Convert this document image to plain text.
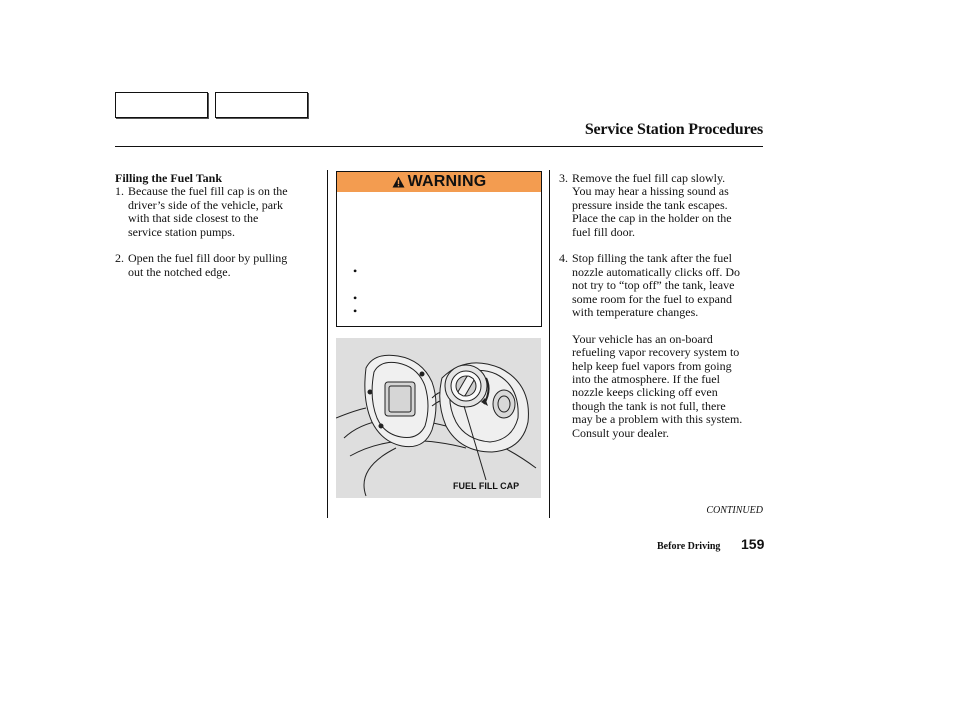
Service Station Procedures
Filling the Fuel Tank
1. Because the fuel fill cap is on the
driver’s side of the vehicle, park
with that side closest to the
service station pumps.
2. Open the fuel fill door by pulling
out the notched edge.
WARNING
•
•
•
FUEL FILL CAP
3. Remove the fuel fill cap slowly.
You may hear a hissing sound as
pressure inside the tank escapes.
Place the cap in the holder on the
fuel fill door.
4. Stop filling the tank after the fuel
nozzle automatically clicks off. Do
not try to “top off” the tank, leave
some room for the fuel to expand
with temperature changes.
Your vehicle has an on-board
refueling vapor recovery system to
help keep fuel vapors from going
into the atmosphere. If the fuel
nozzle keeps clicking off even
though the tank is not full, there
may be a problem with this system.
Consult your dealer.
CONTINUED
Before Driving 159
